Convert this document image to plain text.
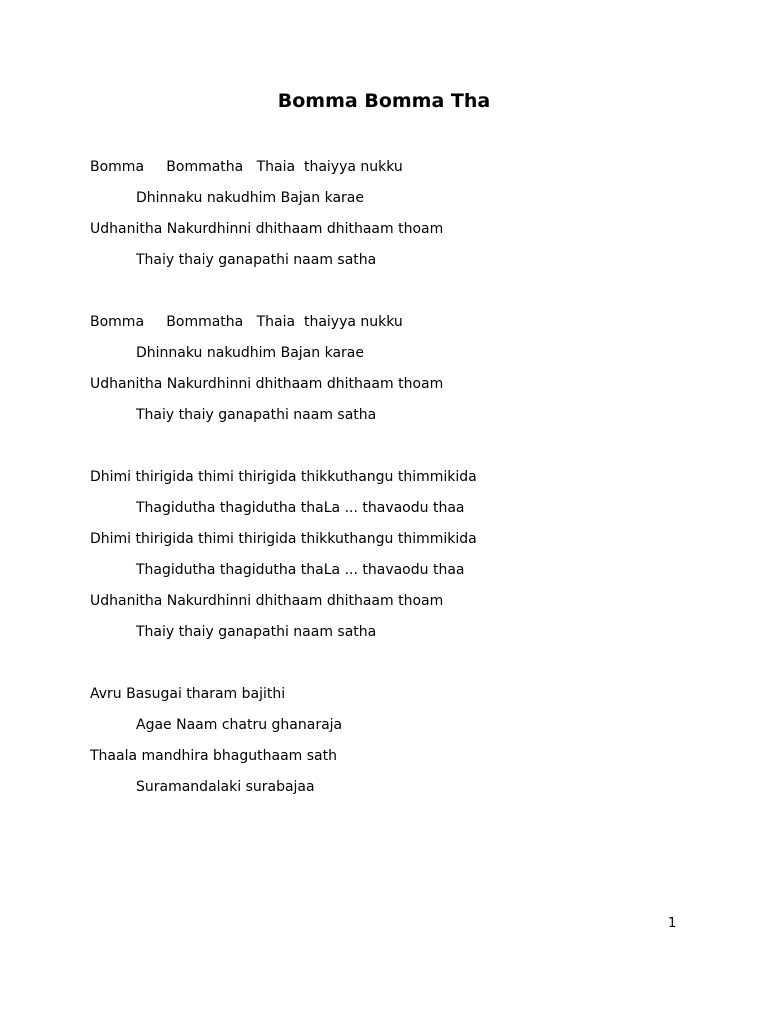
Bomma Bomma Tha
Bomma     Bommatha   Thaia  thaiyya nukku
Dhinnaku nakudhim Bajan karae
Udhanitha Nakurdhinni dhithaam dhithaam thoam
Thaiy thaiy ganapathi naam satha
Bomma     Bommatha   Thaia  thaiyya nukku
Dhinnaku nakudhim Bajan karae
Udhanitha Nakurdhinni dhithaam dhithaam thoam
Thaiy thaiy ganapathi naam satha
Dhimi thirigida thimi thirigida thikkuthangu thimmikida
Thagidutha thagidutha thaLa ... thavaodu thaa
Dhimi thirigida thimi thirigida thikkuthangu thimmikida
Thagidutha thagidutha thaLa ... thavaodu thaa
Udhanitha Nakurdhinni dhithaam dhithaam thoam
Thaiy thaiy ganapathi naam satha
Avru Basugai tharam bajithi
Agae Naam chatru ghanaraja
Thaala mandhira bhaguthaam sath
Suramandalaki surabajaa
1
